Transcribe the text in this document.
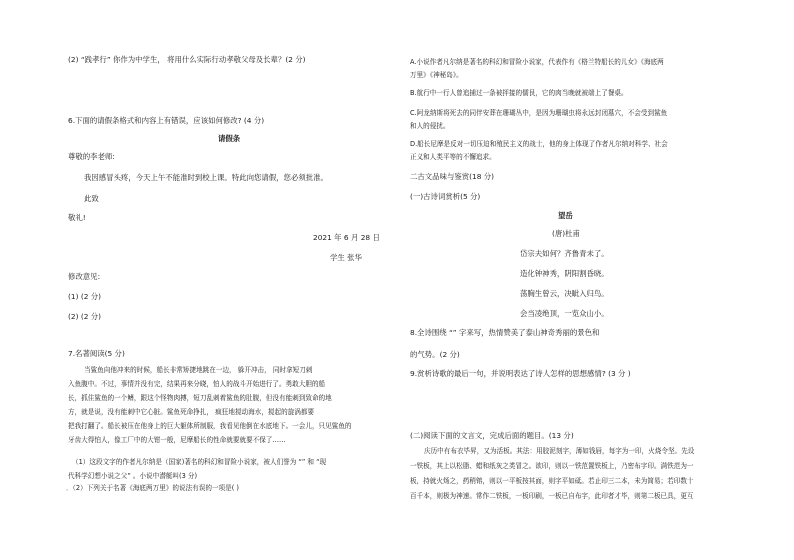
(2) “践孝行” 你作为中学生， 将用什么实际行动孝敬父母及长辈？(2 分)
6.下面的请假条格式和内容上有错误，应该如何修改? (4 分)
请假条
尊敬的李老师:
我因感冒头疼，今天上午不能准时到校上课。特此向您请假，您必须批准。
此致
敬礼!
2021 年 6 月 28 日
学生 张华
修改意见:
(1) (2 分)
(2) (2 分)
7.名著阅读(5 分)
当鲨鱼向他冲来的时候，船长非常矫捷地跳在一边， 躲开冲击， 同时拿短刀刺
入鱼腹中。不过，事情并没有完，结果再来分晓，怕人的战斗开始进行了。勇敢大胆的船
长，抓住鲨鱼的一个鳍，跟这个怪物肉搏，短刀乱刺着鲨鱼的肚腹，但没有能刺到致命的地
方，就是说，没有能刺中它心脏。鲨鱼死命挣扎， 疯狂地搅动海水，搅起的旋涡都要
把我打翻了。船长被压在他身上的巨大躯体所制服，我看见他倒在水底地下。一会儿，只见鲨鱼的
牙齿大得怕人，像工厂中的大钳一般，尼摩船长的性命就要就要不保了……
（1）这段文字的作者凡尔纳是（国家)著名的科幻和冒险小说家，被人们誉为 “” 和 “现
代科学幻想小说之父” 。小说中潜艇叫(3 分)
．（2）下列关于名著《海底两万里》的说法有误的一项是( )
A.小说作者凡尔纳是著名的科幻和冒险小说家，代表作有《格兰特船长的儿女》《海底两
万里》《神秘岛》。
B.航行中一行人曾追捕过一条被抨接的儒艮，它的肉当晚就被端上了餐桌。
C.阿龙纳斯将死去的同伴安葬在珊瑚丛中，是因为珊瑚虫将永远封闭墓穴，不会受到鲨鱼
和人的侵扰。
D.船长尼摩是反对一切压迫和殖民主义的战士，他的身上体现了作者凡尔纳对科学、社会
正义和人类平等的不懈追求。
二古文品味与鉴赏(18 分)
(一)古诗词赏析(5 分)
望岳
(唐)杜甫
岱宗夫如何？齐鲁青未了。
造化钟神秀，阴阳割昏晓。
荡胸生曾云，决眦入归鸟。
会当凌绝顶，一览众山小。
8.全诗围绕 “” 字来写，热情赞美了泰山神奇秀丽的景色和
的气势。(2 分)
9.赏析诗歌的最后一句，并说明表达了诗人怎样的思想感情? (3 分 )
(二)阅读下面的文言文，完成后面的题目。(13 分)
庆历中有布衣毕昇，又为活板。其法：用胶泥刻字，薄如钱唇，每字为一印，火烧令坚。先设
一铁板，其上以松脂、蜡和纸灰之类冒之。欲印，则以一铁范置铁板上，乃密布字印。满铁范为一
板，持就火炀之，药稍镕，则以一平板按其面，则字平如砥。若止印三二本，未为简易；若印数十
百千本，则极为神速。常作二铁板，一板印刷，一板已自布字，此印者才毕，则第二板已具，更互
